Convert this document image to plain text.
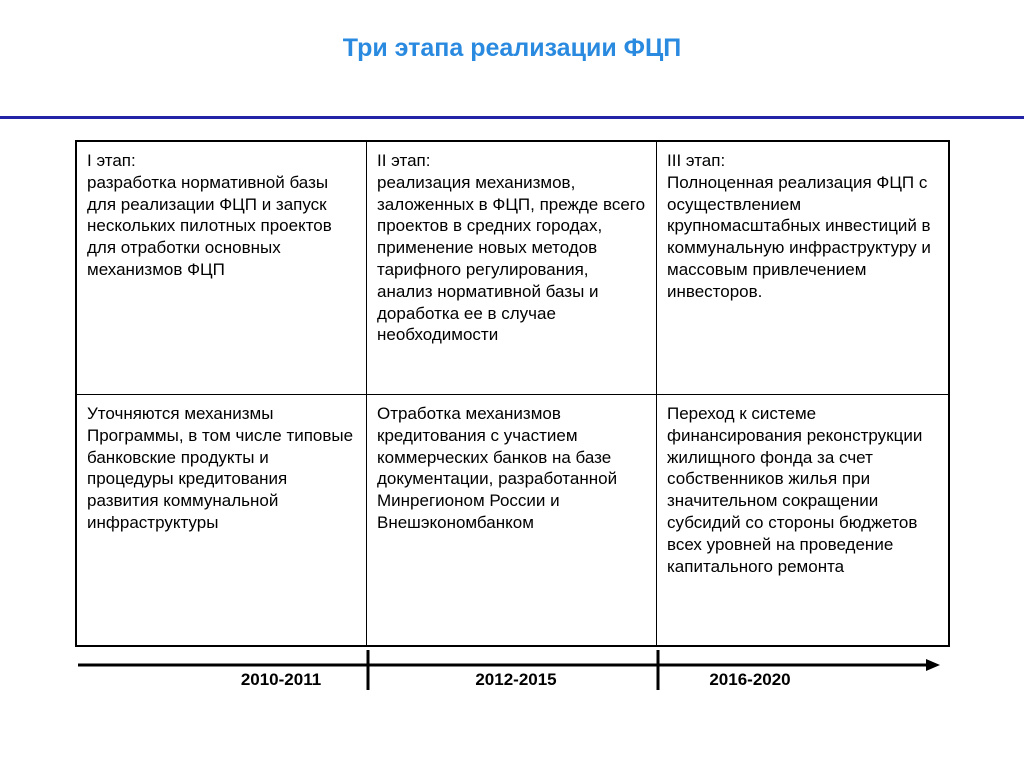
Три этапа реализации ФЦП
I этап:
разработка нормативной базы для реализации ФЦП и запуск нескольких пилотных проектов для отработки основных механизмов ФЦП
II этап:
реализация механизмов, заложенных в ФЦП, прежде всего проектов в средних городах, применение новых методов тарифного регулирования, анализ нормативной базы и доработка ее в случае необходимости
III этап:
Полноценная реализация ФЦП с осуществлением крупномасштабных инвестиций в коммунальную инфраструктуру и массовым привлечением инвесторов.
Уточняются механизмы Программы, в том числе типовые банковские продукты и процедуры кредитования развития коммунальной инфраструктуры
Отработка механизмов кредитования с участием коммерческих банков на базе документации, разработанной Минрегионом России и Внешэкономбанком
Переход к системе финансирования реконструкции жилищного фонда за счет собственников жилья при значительном сокращении субсидий со стороны бюджетов всех уровней на проведение капитального ремонта
2010-2011	2012-2015	2016-2020
